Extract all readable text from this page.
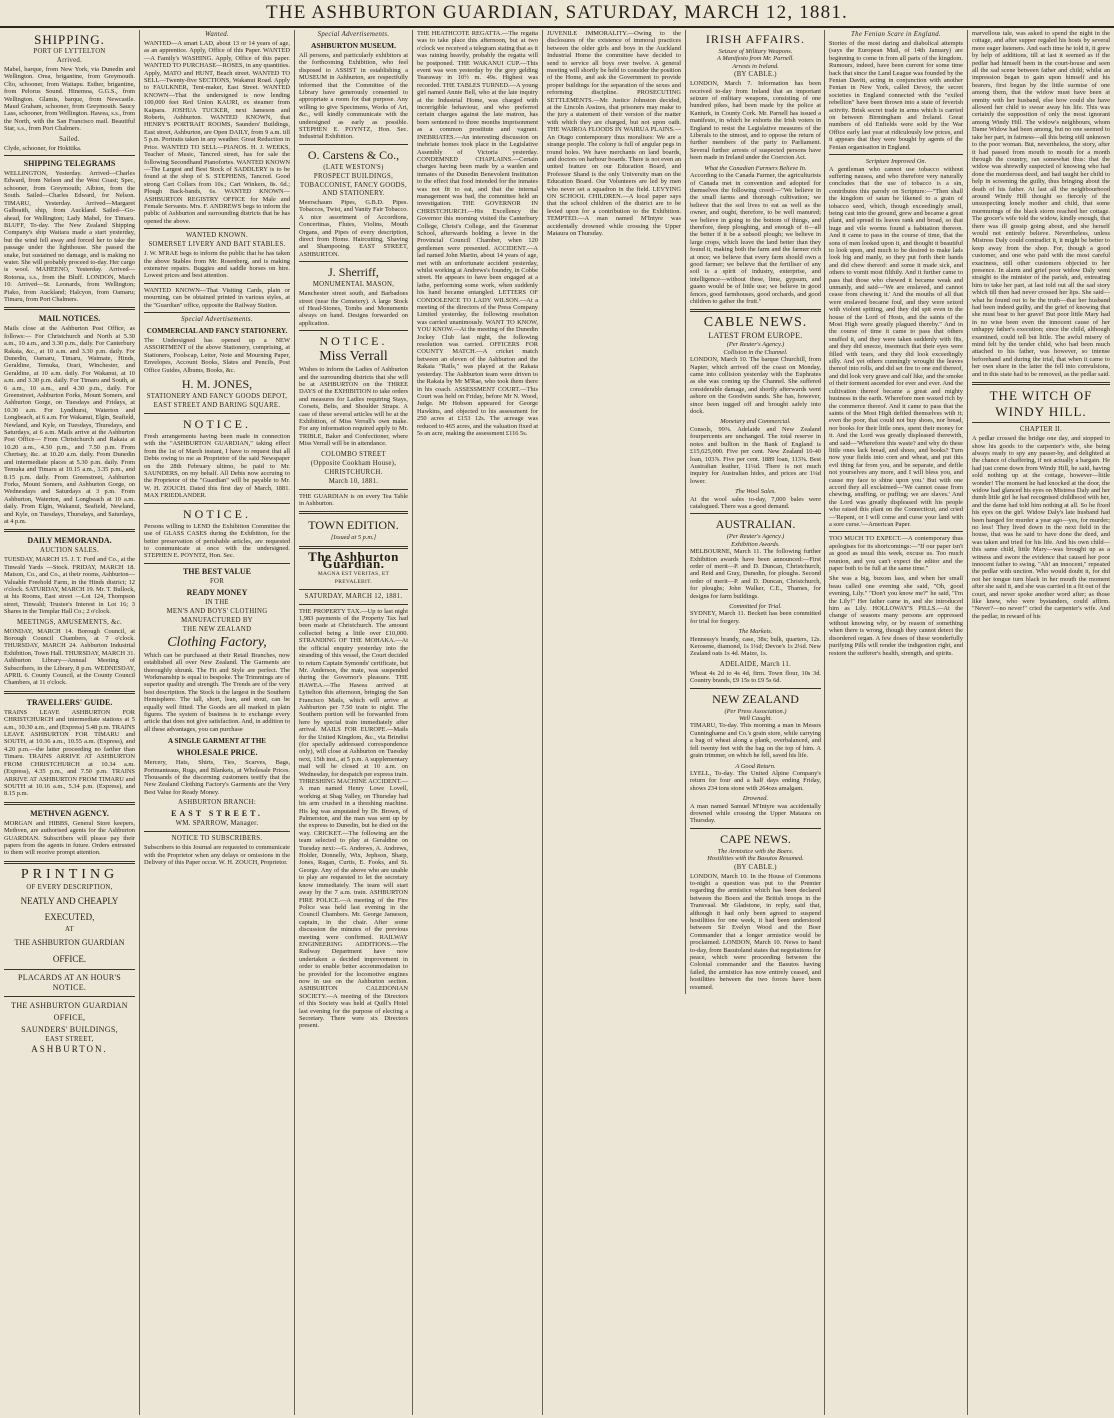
THE ASHBURTON GUARDIAN, SATURDAY, MARCH 12, 1881.
SHIPPING.
PORT OF LYTTELTON
Arrived.
Mabel, barque, from New York, via Dunedin and Wellington. Orea, brigantine, from Greymouth. Clio, schooner, from Waitapu. Esther, brigantine, from Pelorus Sound. Hinemoa, G.G.S., from Wellington. Glamis, barque, from Newcastle. Maud Graham, schooner, from Greymouth. Saucy Lass, schooner, from Wellington. Hawea, s.s., from the North, with the San Francisco mail. Beautiful Star, s.s., from Port Chalmers.
Sailed.
Clyde, schooner, for Hokitika.
SHIPPING TELEGRAMS
WELLINGTON, Yesterday. Arrived—Charles Edward, from Nelson and the West Coast; Spec, schooner, from Greymouth; Albion, from the South. Sailed—Charles Edward, for Nelson. TIMARU, Yesterday. Arrived—Margaret Galbraith, ship, from Auckland. Sailed—Go-ahead, for Wellington; Lady Mabel, for Timaru. BLUFF, To-day. The New Zealand Shipping Company's ship Waitara made a start yesterday, but the wind fell away and forced her to take the passage under the lighthouse. She passed the snake, but sustained no damage, and is making no water. She will probably proceed to-day. Her cargo is wool. MAHEENO, Yesterday. Arrived—Rotorua, s.s., from the Bluff. LONDON, March 10. Arrived—St. Leonards, from Wellington; Piako, from Auckland; Halcyon, from Oamaru; Timaru, from Port Chalmers.
MAIL NOTICES.
Mails close at the Ashburton Post Office, as follows:— For Christchurch and North at 5.30 a.m., 10 a.m., and 3.30 p.m., daily. For Canterbury Rakaia, &c., at 10 a.m. and 3.30 p.m. daily. For Dunedin, Oamaru, Timaru, Waimate, Hinds, Geraldine, Temuka, Orari, Winchester, and Geraldine, at 10 a.m. daily. For Wakanui, at 10 a.m. and 3.30 p.m. daily. For Timaru and South, at 6 a.m., 10 a.m., and 4.30 p.m., daily. For Greenstreet, Ashburton Forks, Mount Somers, and Ashburton Gorge, on Tuesdays and Fridays, at 10.30 a.m. For Lyndhurst, Waterton and Longbeach, at 6 a.m. For Wakanui, Elgin, Seafield, Newland, and Kyle, on Tuesdays, Thursdays, and Saturdays, at 6 a.m. Mails arrive at the Ashburton Post Office— From Christchurch and Rakaia at 10.20 a.m., 4.30 p.m., and 7.50 p.m. From Chertsey, &c. at 10.20 a.m. daily. From Dunedin and intermediate places at 5.30 p.m. daily. From Temuka and Timaru at 10.15 a.m., 3.35 p.m., and 8.15 p.m. daily. From Greenstreet, Ashburton Forks, Mount Somers, and Ashburton Gorge, on Wednesdays and Saturdays at 3 p.m. From Ashburton, Waterton, and Longbeach at 10 a.m. daily. From Elgin, Wakanui, Seafield, Newland, and Kyle, on Tuesdays, Thursdays, and Saturdays, at 4 p.m.
DAILY MEMORANDA.
AUCTION SALES.
TUESDAY, MARCH 15. J. T. Ford and Co., at the Tinwald Yards —Stock. FRIDAY, MARCH 18. Matson, Co., and Co., at their rooms, Ashburton—Valuable Freehold Farm, in the Hinds district; 12 o'clock. SATURDAY, MARCH 19. Mr. T. Bullock, at his Rooms, East street —Lot 124, Thompson street, Tinwald; Trustee's Interest in Lot 16; 3 Shares in the Templar Hall Co.; 2 o'clock.
MEETINGS, AMUSEMENTS, &c.
MONDAY, MARCH 14. Borough Council, at Borough Council Chambers, at 7 o'clock. THURSDAY, MARCH 24. Ashburton Industrial Exhibition, Town Hall. THURSDAY, MARCH 31. Ashburton Library—Annual Meeting of Subscribers, in the Library, 8 p.m. WEDNESDAY, APRIL 6. County Council, at the County Council Chambers, at 11 o'clock.
TRAVELLERS' GUIDE.
TRAINS LEAVE ASHBURTON FOR CHRISTCHURCH and intermediate stations at 5 a.m., 10.30 a.m., and (Express) 5.48 p.m. TRAINS LEAVE ASHBURTON FOR TIMARU and SOUTH, at 10.36 a.m., 10.55 a.m. (Express), and 4.20 p.m.—the latter proceeding no farther than Timaru. TRAINS ARRIVE AT ASHBURTON FROM CHRISTCHURCH at 10.34 a.m. (Express), 4.35 p.m., and 7.50 p.m. TRAINS ARRIVE AT ASHBURTON FROM TIMARU and SOUTH at 10.16 a.m., 5.34 p.m. (Express), and 8.15 p.m.
METHVEN AGENCY.
MORGAN and HIBBS, General Store keepers, Methven, are authorised agents for the Ashburton GUARDIAN. Subscribers will please pay their papers from the agents in future. Orders entrusted to them will receive prompt attention.
PRINTING
OF EVERY DESCRIPTION,
NEATLY AND CHEAPLY
EXECUTED,
AT
THE ASHBURTON GUARDIAN
OFFICE.
PLACARDS AT AN HOUR'S NOTICE.
THE ASHBURTON GUARDIAN
OFFICE,
SAUNDERS' BUILDINGS,
EAST STREET,
ASHBURTON.
Wanted.
WANTED—A smart LAD, about 13 or 14 years of age, as an apprentice. Apply, Office of this Paper. WANTED—A Family's WASHING. Apply, Office of this paper. WANTED TO PURCHASE—ROSES, in any quantities. Apply, MATO and HUNT, Beach street. WANTED TO SELL—Twenty-five SECTIONS, Wakanui Road. Apply to FAULKNER, Tent-maker, East Street. WANTED KNOWN—That the undersigned is now lending 100,000 feet Red Union KAURI, ex steamer from Kaipara. JOSHUA TUCKER, next Jameson and Roberts, Ashburton. WANTED KNOWN, that HENRY'S PORTRAIT ROOMS, Saunders' Buildings, East street, Ashburton, are Open DAILY, from 9 a.m. till 5 p.m. Portraits taken in any weather. Great Reduction in Price. WANTED TO SELL—PIANOS. H. J. WEEKS, Teacher of Music, Tancred street, has for sale the following Secondhand Pianofortes. WANTED KNOWN—The Largest and Best Stock of SADDLERY is to be found at the shop of S. STEPHENS, Tancred. Good strong Cart Collars from 10s.; Cart Winkers, 8s. 6d.; Plough Back-bands, 6s. WANTED KNOWN—ASHBURTON REGISTRY OFFICE for Male and Female Servants. Mrs. F. ANDREWS begs to inform the public of Ashburton and surrounding districts that he has opened the above.
WANTED KNOWN.
SOMERSET LIVERY AND BAIT STABLES.
J. W. M'RAE begs to inform the public that he has taken the above Stables from Mr. Rosenberg, and is making extensive repairs. Buggies and saddle horses on hire. Lowest prices and best attention.
WANTED KNOWN—That Visiting Cards, plain or mourning, can be obtained printed in various styles, at the "Guardian" office, opposite the Railway Station.
Special Advertisements.
COMMERCIAL AND FANCY STATIONERY.
The Undersigned has opened up a NEW ASSORTMENT of the above Stationery, comprising, at Stationers, Foolscap, Letter, Note and Mourning Paper, Envelopes, Account Books, Slates and Pencils, Post Office Guides, Albums, Books, &c.
H. M. JONES,
STATIONERY AND FANCY GOODS DEPOT,
EAST STREET AND BARING SQUARE.
NOTICE.
Fresh arrangements having been made in connection with the "ASHBURTON GUARDIAN," taking effect from the 1st of March instant, I have to request that all Debts owing to me as Proprietor of the said Newspaper on the 28th February ultimo, be paid to Mr. SAUNDERS, on my behalf. All Debts now accruing to the Proprietor of the "Guardian" will be payable to Mr. W. H. ZOUCH. Dated this first day of March, 1881. MAX FRIEDLANDER.
NOTICE.
Persons willing to LEND the Exhibition Committee the use of GLASS CASES during the Exhibition, for the better preservation of perishable articles, are requested to communicate at once with the undersigned. STEPHEN E. POYNTZ, Hon. Sec.
THE BEST VALUE
FOR
READY MONEY
IN THE
MEN'S AND BOYS' CLOTHING
MANUFACTURED BY
THE NEW ZEALAND
Clothing Factory,
Which can be purchased at their Retail Branches, now established all over New Zealand. The Garments are thoroughly shrunk. The Fit and Style are perfect. The Workmanship is equal to bespoke. The Trimmings are of superior quality and strength. The Trends are of the very best description. The Stock is the largest in the Southern Hemisphere. The tall, short, lean, and stout, can be equally well fitted. The Goods are all marked in plain figures. The system of business is to exchange every article that does not give satisfaction. And, in addition to all these advantages, you can purchase
A SINGLE GARMENT AT THE
WHOLESALE PRICE.
Mercery, Hats, Shirts, Ties, Scarves, Bags, Portmanteaus, Rugs, and Blankets, at Wholesale Prices. Thousands of the discerning customers testify that the New Zealand Clothing Factory's Garments are the Very Best Value for Ready Money.
ASHBURTON BRANCH:
EAST STREET.
WM. SPARROW, Manager.
NOTICE TO SUBSCRIBERS.
Subscribers to this Journal are requested to communicate with the Proprietor when any delays or omissions in the Delivery of this Paper occur. W. H. ZOUCH, Proprietor.
Special Advertisements.
ASHBURTON MUSEUM.
All persons, and particularly exhibitors at the forthcoming Exhibition, who feel disposed to ASSIST in establishing a MUSEUM in Ashburton, are respectfully informed that the Committee of the Library have generously consented to appropriate a room for that purpose. Any willing to give Specimens, Works of Art, &c., will kindly communicate with the undersigned as early as possible. STEPHEN E. POYNTZ, Hon. Sec. Industrial Exhibition.
O. Carstens & Co.,
(LATE WESTON'S)
PROSPECT BUILDINGS,
TOBACCONIST, FANCY GOODS, AND STATIONERY.
Meerschaum Pipes, G.B.D. Pipes. Tobaccos, Twist, and Vanity Fair Tobacco. A nice assortment of Accordions, Concertinas, Flutes, Violins, Mouth Organs, and Pipes of every description, direct from Home. Haircutting, Shaving and Shampooing. EAST STREET, ASHBURTON.
J. Sherriff,
MONUMENTAL MASON,
Manchester street south, and Barbadoes street (near the Cemetery). A large Stock of Head-Stones, Tombs and Monuments always on hand. Designs forwarded on application.
NOTICE.
Miss Verrall
Wishes to inform the Ladies of Ashburton and the surrounding districts that she will be at ASHBURTON on the THREE DAYS of the EXHIBITION to take orders and measures for Ladies requiring Stays, Corsets, Belts, and Shoulder Straps. A case of these several articles will be at the Exhibition, of Miss Verrall's own make. For any information required apply to Mr. TRIBLE, Baker and Confectioner, where Miss Verrall will be in attendance.
COLOMBO STREET
(Opposite Cookham House),
CHRISTCHURCH.
March 10, 1881.
THE GUARDIAN is on every Tea Table in Ashburton.
TOWN EDITION.
[Issued at 5 p.m.]
The Ashburton Guardian.
MAGNA EST VERITAS, ET PREVALEBIT.
SATURDAY, MARCH 12, 1881.
THE PROPERTY TAX.—Up to last night 1,983 payments of the Property Tax had been made at Christchurch. The amount collected being a little over £10,000. STRANDING OF THE MOHAKA.—At the official enquiry yesterday into the stranding of this vessel, the Court decided to return Captain Symonds' certificate, but Mr. Anderson, the mate, was suspended during the Governor's pleasure. THE HAWEA.—The Hawea arrived at Lyttelton this afternoon, bringing the San Francisco Mails, which will arrive at Ashburton per 7.50 train to night. The Southern portion will be forwarded from here by special train immediately after arrival. MAILS FOR EUROPE.—Mails for the United Kingdom, &c., via Brindisi (for specially addressed correspondence only), will close at Ashburton on Tuesday next, 15th inst., at 5 p.m. A supplementary mail will be closed at 10 a.m. on Wednesday, for despatch per express train. THRESHING MACHINE ACCIDENT.—A man named Henry Lowe Lovell, working at Shag Valley, on Thursday had his arm crushed in a threshing machine. His leg was amputated by Dr. Brown, of Palmerston, and the man was sent up by the express to Dunedin, but he died on the way. CRICKET.—The following are the team selected to play at Geraldine on Tuesday next:—G. Andrews, A. Andrews, Holder, Donnelly, Wix, Jephson, Sharp, Jones, Ragan, Curtis, E. Fooks, and St. George. Any of the above who are unable to play are requested to let the secretary know immediately. The team will start away by the 7 a.m. train. ASHBURTON FIRE POLICE.—A meeting of the Fire Police was held last evening in the Council Chambers. Mr. George Jameson, captain, in the chair. After some discussion the minutes of the previous meeting were confirmed. RAILWAY ENGINEERING ADDITIONS.—The Railway Department have now undertaken a decided improvement in order to enable better accommodation to be provided for the locomotive engines now in use on the Ashburton section. ASHBURTON CALEDONIAN SOCIETY.—A meeting of the Directors of this Society was held at Quill's Hotel last evening for the purpose of electing a Secretary. There were six Directors present.
THE HEATHCOTE REGATTA.—The regatta was to take place this afternoon, but at two o'clock we received a telegram stating that as it was raining heavily, probably the regatta will be postponed. THE WAKANUI CUP.—This event was won yesterday by the grey gelding Tearaway in 10½ m. 49s. Highest was recorded. THE TABLES TURNED.—A young girl named Annie Bell, who at the late inquiry at the Industrial Home, was charged with incorrigible behaviour, and who preferred certain charges against the late matron, has been sentenced to three months imprisonment as a common prostitute and vagrant. INEBRIATES.—An interesting discussion on inebriate homes took place in the Legislative Assembly of Victoria yesterday. CONDEMNED CHAPLAINS.—Certain charges having been made by a warden and inmates of the Dunedin Benevolent Institution to the effect that food intended for the inmates was not fit to eat, and that the internal management was bad, the committee held an investigation. THE GOVERNOR IN CHRISTCHURCH.—His Excellency the Governor this morning visited the Canterbury College, Christ's College, and the Grammar School, afterwards holding a levee in the Provincial Council Chamber, when 120 gentlemen were presented. ACCIDENT.—A lad named John Martin, about 14 years of age, met with an unfortunate accident yesterday, whilst working at Andrews's foundry, in Cobbe street. He appears to have been engaged at a lathe, performing some work, when suddenly his hand became entangled. LETTERS OF CONDOLENCE TO LADY WILSON.—At a meeting of the directors of the Press Company Limited yesterday, the following resolution was carried unanimously. WANT TO KNOW, YOU KNOW.—At the meeting of the Dunedin Jockey Club last night, the following resolution was carried. OFFICERS FOR COUNTY MATCH.—A cricket match between an eleven of the Ashburton and the Rakaia "Rails," was played at the Rakaia yesterday. The Ashburton team were driven to the Rakaia by Mr M'Rae, who took them there in his coach. ASSESSMENT COURT.—This Court was held on Friday, before Mr N. Wood, Judge. Mr Hobson appeared for George Hawkins, and objected to his assessment for 250 acres at £153 12s. The acreage was reduced to 465 acres, and the valuation fixed at 5s an acre, making the assessment £116 5s.
JUVENILE IMMORALITY.—Owing to the disclosures of the existence of immoral practices between the older girls and boys in the Auckland Industrial Home the committee have decided to send to service all boys over twelve. A general meeting will shortly be held to consider the position of the Home, and ask the Government to provide proper buildings for the separation of the sexes and reforming discipline. PROSECUTING SETTLEMENTS.—Mr. Justice Johnston decided, at the Lincoln Assizes, that prisoners may make to the jury a statement of their version of the matter with which they are charged, but not upon oath. THE WAIROA FLOODS IN WAIRUA PLAINS.—An Otago contemporary thus moralises: We are a strange people. The colony is full of angular pegs in round holes. We have merchants on land boards, and doctors on harbour boards. There is not even an united feature on our Education Board, and Professor Shand is the only University man on the Education Board. Our Volunteers are led by men who never set a squadron in the field. LEVYING ON SCHOOL CHILDREN.—A local paper says that the school children of the district are to be levied upon for a contribution to the Exhibition. TEMPTED.—A man named M'Intyre was accidentally drowned while crossing the Upper Mataura on Thursday.
IRISH AFFAIRS.
Seizure of Military Weapons.
A Manifesto from Mr. Parnell.
Arrests in Ireland.
(BY CABLE.)
LONDON, March 7. Information has been received to-day from Ireland that an important seizure of military weapons, consisting of one hundred pikes, had been made by the police at Kanturk, in County Cork. Mr. Parnell has issued a manifesto, in which he exhorts the Irish voters in England to resist the Legislative measures of the Liberals to the utmost, and to oppose the return of further members of the party to Parliament. Several further arrests of suspected persons have been made in Ireland under the Coercion Act.
What the Canadian Farmers Believe In.
According to the Canada Farmer, the agriculturists of Canada met in convention and adopted for themselves the following creed:—"We believe in the small farms and thorough cultivation; we believe that the soil lives to eat as well as the owner, and ought, therefore, to be well manured; we believe in going to the bottom of things, and therefore, deep ploughing, and enough of it—all the better if it be a subsoil plough; we believe in large crops, which leave the land better than they found it, making both the farm and the farmer rich at once; we believe that every farm should own a good farmer; we believe that the fertiliser of any soil is a spirit of industry, enterprise, and intelligence—without these, lime, gypsum, and guano would be of little use; we believe in good fences, good farmhouses, good orchards, and good children to gather the fruit."
CABLE NEWS.
LATEST FROM EUROPE.
(Per Reuter's Agency.)
Collision in the Channel.
LONDON, March 10. The barque Churchill, from Napier, which arrived off the coast on Monday, came into collision yesterday with the Euphrates as she was coming up the Channel. She suffered considerable damage, and shortly afterwards went ashore on the Goodwin sands. She has, however, since been tugged off and brought safely into dock.
Monetary and Commercial.
Consols, 99⅜. Adelaide and New Zealand fourpercents are unchanged. The total reserve in notes and bullion in the Bank of England is £15,625,000. Five per cent. New Zealand 10-40 loan, 103⅞. Five per cent. 1889 loan, 113⅝. Best Australian leather, 11¼d. There is not much inquiry for Australian hides, and prices are 1¼d lower.
The Wool Sales.
At the wool sales to-day, 7,000 bales were catalogued. There was a good demand.
AUSTRALIAN.
(Per Reuter's Agency.)
Exhibition Awards.
MELBOURNE, March 11. The following further Exhibition awards have been announced:—First order of merit—P. and D. Duncan, Christchurch, and Reid and Gray, Dunedin, for ploughs. Second order of merit—P. and D. Duncan, Christchurch, for ploughs; John Walker, C.E., Thames, for designs for farm buildings.
Committed for Trial.
SYDNEY, March 11. Beckett has been committed for trial for forgery.
The Markets.
Hennessy's brandy, case, 38s; bulk, quarters, 12s. Kerosene, diamond, 1s 1¼d; Devoe's 1s 2¼d. New Zealand oats 1s 4d. Maize, 1s.
ADELAIDE, March 11.
Wheat 4s 2d to 4s 4d, firm. Town flour, 10s 3d. Country brands, £9 15s to £9 5s 6d.
NEW ZEALAND
(Per Press Association.)
Well Caught.
TIMARU, To-day. This morning a man in Messrs Cunninghame and Co.'s grain store, while carrying a bag of wheat along a plank, overbalanced, and fell twenty feet with the bag on the top of him. A grain trimmer, on which he fell, saved his life.
A Good Return.
LYELL, To-day. The United Alpine Company's return for four and a half days ending Friday, shows 234 tons stone with 264ozs amalgam.
Drowned.
A man named Samuel M'Intyre was accidentally drowned while crossing the Upper Mataura on Thursday.
CAPE NEWS.
The Armistice with the Boers.
Hostilities with the Basutos Resumed.
(BY CABLE.)
LONDON, March 10. In the House of Commons to-night a question was put to the Premier regarding the armistice which has been declared between the Boers and the British troops in the Transvaal. Mr Gladstone, in reply, said that, although it had only been agreed to suspend hostilities for one week, it had been understood between Sir Evelyn Wood and the Boer Commander that a longer armistice would be proclaimed. LONDON, March 10. News to hand to-day, from Basutoland states that negotiations for peace, which were proceeding between the Colonial commander and the Basutos having failed, the armistice has now entirely ceased, and hostilities between the two forces have been resumed.
The Fenian Scare in England.
Stories of the most daring and diabolical attempts (says the European Mail, of 14th January) are beginning to come in from all parts of the kingdom. Rumours, indeed, have been current for some time back that since the Land League was founded by the Fenian Davitt, acting in conjunction with another Fenian in New York, called Devoy, the secret societies in England connected with the "exiled rebellion" have been thrown into a state of feverish activity. Brisk secret trade in arms which is carried on between Birmingham and Ireland. Great numbers of old Enfields were sold by the War Office early last year at ridiculously low prices, and it appears that they were bought by agents of the Fenian organisation in England.
Scripture Improved On.
A gentleman who cannot use tobacco without suffering nausea, and who therefore very naturally concludes that the use of tobacco is a sin, contributes this parody on Scripture:—"Then shall the kingdom of satan be likened to a grain of tobacco seed, which, though exceedingly small, being cast into the ground, grew and became a great plant, and spread its leaves rank and broad, so that huge and vile worms found a habitation thereon. And it came to pass in the course of time, that the sons of men looked upon it, and thought it beautiful to look upon, and much to be desired to make lads look big and manly, so they put forth their hands and did chew thereof: and some it made sick, and others to vomit most filthily. And it further came to pass that those who chewed it became weak and unmanly, and said—'We are enslaved, and cannot cease from chewing it.' And the mouths of all that were enslaved became foul, and they were seized with violent spitting, and they did spit even in the house of the Lord of Hosts, and the saints of the Most High were greatly plagued thereby." And in the course of time it came to pass that others snuffed it, and they were taken suddenly with fits, and they did sneeze, insomuch that their eyes were filled with tears, and they did look exceedingly silly. And yet others cunningly wrought the leaves thereof into rolls, and did set fire to one end thereof, and did look very grave and calf like, and the smoke of their torment ascended for ever and ever. And the cultivation thereof became a great and mighty business in the earth. Wherefore men waxed rich by the commerce thereof. And it came to pass that the saints of the Most High defiled themselves with it; even the poor, that could not buy shoes, nor bread, nor books for their little ones, spent their money for it. And the Lord was greatly displeased therewith, and said—'Wherefore this waste? and why do these little ones lack bread, and shoes, and books? Turn now your fields into corn and wheat, and put this evil thing far from you, and be separate, and defile not yourselves any more, and I will bless you, and cause my face to shine upon you.' But with one accord they all exclaimed—'We cannot cease from chewing, snuffing, or puffing; we are slaves.' And the Lord was greatly displeased with his people who raised this plant on the Connecticut, and cried—'Repent, or I will come and curse your land with a sore curse.'—American Paper.
TOO MUCH TO EXPECT.—A contemporary thus apologises for its shortcomings:—"If our paper isn't as good as usual this week, excuse us. Too much reunion, and you can't expect the editor and the paper both to be full at the same time."
She was a big, buxom lass, and when her small beau called one evening she said, "Oh, good evening, Lily." "Don't you know me?" he said, "I'm the Lily!" Her father came in, and she introduced him as Lily. HOLLOWAY'S PILLS.—At the change of seasons many persons are oppressed without knowing why, or by reason of something when there is wrong, though they cannot detect the disordered organ. A few doses of these wonderfully purifying Pills will render the indigestion right, and restore the sufferer's health, strength, and spirits.
marvellous tale, was asked to spend the night in the cottage, and after supper regaled his hosts by several more eager listeners. And each time he told it, it grew by help of additions, till at last it seemed as if the pedlar had himself been in the court-house and seen all the sad scene between father and child; whilst an impression began to gain upon himself and his hearers, first begun by the little surmise of one among them, that the widow must have been at enmity with her husband, else how could she have allowed her child to swear away his life. This was certainly the supposition of only the most ignorant among Windy Hill. The widow's neighbours, whom Dame Widow had been among, but no one seemed to take her part, in fairness—all this being still unknown to the poor woman. But, nevertheless, the story, after it had passed from mouth to mouth for a month through the country, ran somewhat thus: that the widow was shrewdly suspected of knowing who had done the murderous deed, and had taught her child to help in screening the guilty, thus bringing about the death of his father. At last all the neighbourhood around Windy Hill thought so fiercely of the unsuspecting lonely mother and child, that some murmurings of the black storm reached her cottage. The grocer's wife told the widow, kindly enough, that there was ill gossip going about, and she herself would not entirely believe. Nevertheless, unless Mistress Daly could contradict it, it might be better to keep away from the shop. For, though a good customer, and one who paid with the most careful exactness, still other customers objected to her presence. In alarm and grief poor widow Daly went straight to the minister of the parish, and, entreating him to take her part, at last told out all the sad story which till then had never crossed her lips. She said—what he found out to be the truth—that her husband had been indeed guilty, and the grief of knowing that she must bear to her grave! But poor little Mary had in no wise been even the innocent cause of her unhappy father's execution; since the child, although examined, could tell but little. The awful misery of mind felt by the tender child, who had been much attached to his father, was however, so intense beforehand and during the trial, that when it came to her own share in the latter the fell into convulsions, and in this state had to be removed, as the pedlar said.
THE WITCH OF
WINDY HILL.
CHAPTER II.
A pedlar crossed the bridge one day, and stopped to show his goods to the carpenter's wife, she being always ready to spy any passer-by, and delighted at the chance of chaffering, if not actually a bargain. He had just come down from Windy Hill, he said, having sold nothing up at the cottage, however—little wonder! The moment he had knocked at the door, the widow had glanced his eyes on Mistress Daly and her dumb little girl he had recognised childhood with her, and the dame had told him nothing at all. So he fixed his eyes on the girl. Widow Daly's late husband had been hanged for murder a year ago—yes, for murder; no less! They lived down in the next field in the house, that was he said to have done the deed, and was taken and tried for his life. And his own child—this same child, little Mary—was brought up as a witness and swore the evidence that caused her poor innocent father to swing. "Ah! an innocent," repeated the pedlar with unction. Who would doubt it, for did not her tongue turn black in her mouth the moment after she said it, and she was carried in a fit out of the court, and never spoke another word after; as those like knew, who were bystanders, could affirm. "Never?—no never!" cried the carpenter's wife. And the pedlar, in reward of his
